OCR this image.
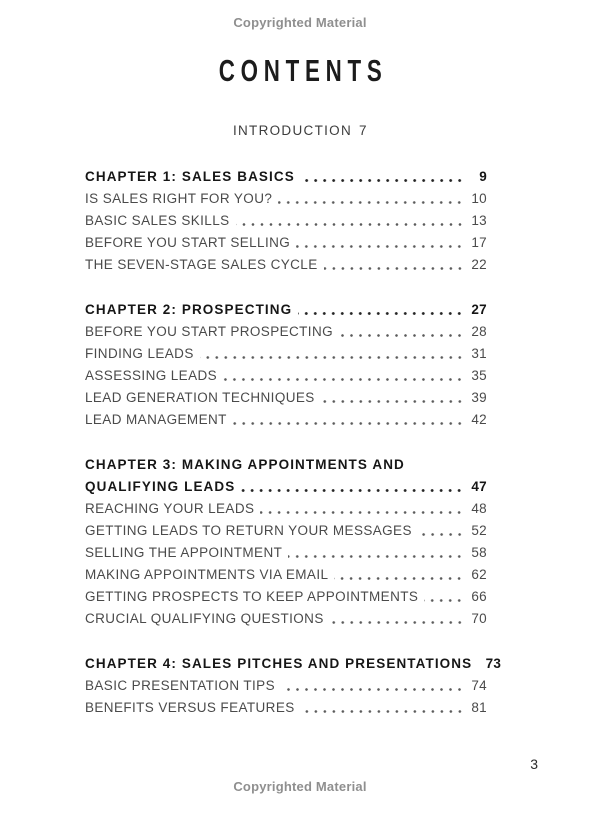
Copyrighted Material
CONTENTS
INTRODUCTION 7
CHAPTER 1: SALES BASICS	9
IS SALES RIGHT FOR YOU?	10
BASIC SALES SKILLS	13
BEFORE YOU START SELLING	17
THE SEVEN-STAGE SALES CYCLE	22
CHAPTER 2: PROSPECTING	27
BEFORE YOU START PROSPECTING	28
FINDING LEADS	31
ASSESSING LEADS	35
LEAD GENERATION TECHNIQUES	39
LEAD MANAGEMENT	42
CHAPTER 3: MAKING APPOINTMENTS AND
QUALIFYING LEADS	47
REACHING YOUR LEADS	48
GETTING LEADS TO RETURN YOUR MESSAGES	52
SELLING THE APPOINTMENT	58
MAKING APPOINTMENTS VIA EMAIL	62
GETTING PROSPECTS TO KEEP APPOINTMENTS	66
CRUCIAL QUALIFYING QUESTIONS	70
CHAPTER 4: SALES PITCHES AND PRESENTATIONS 73
BASIC PRESENTATION TIPS	74
BENEFITS VERSUS FEATURES	81
3
Copyrighted Material
